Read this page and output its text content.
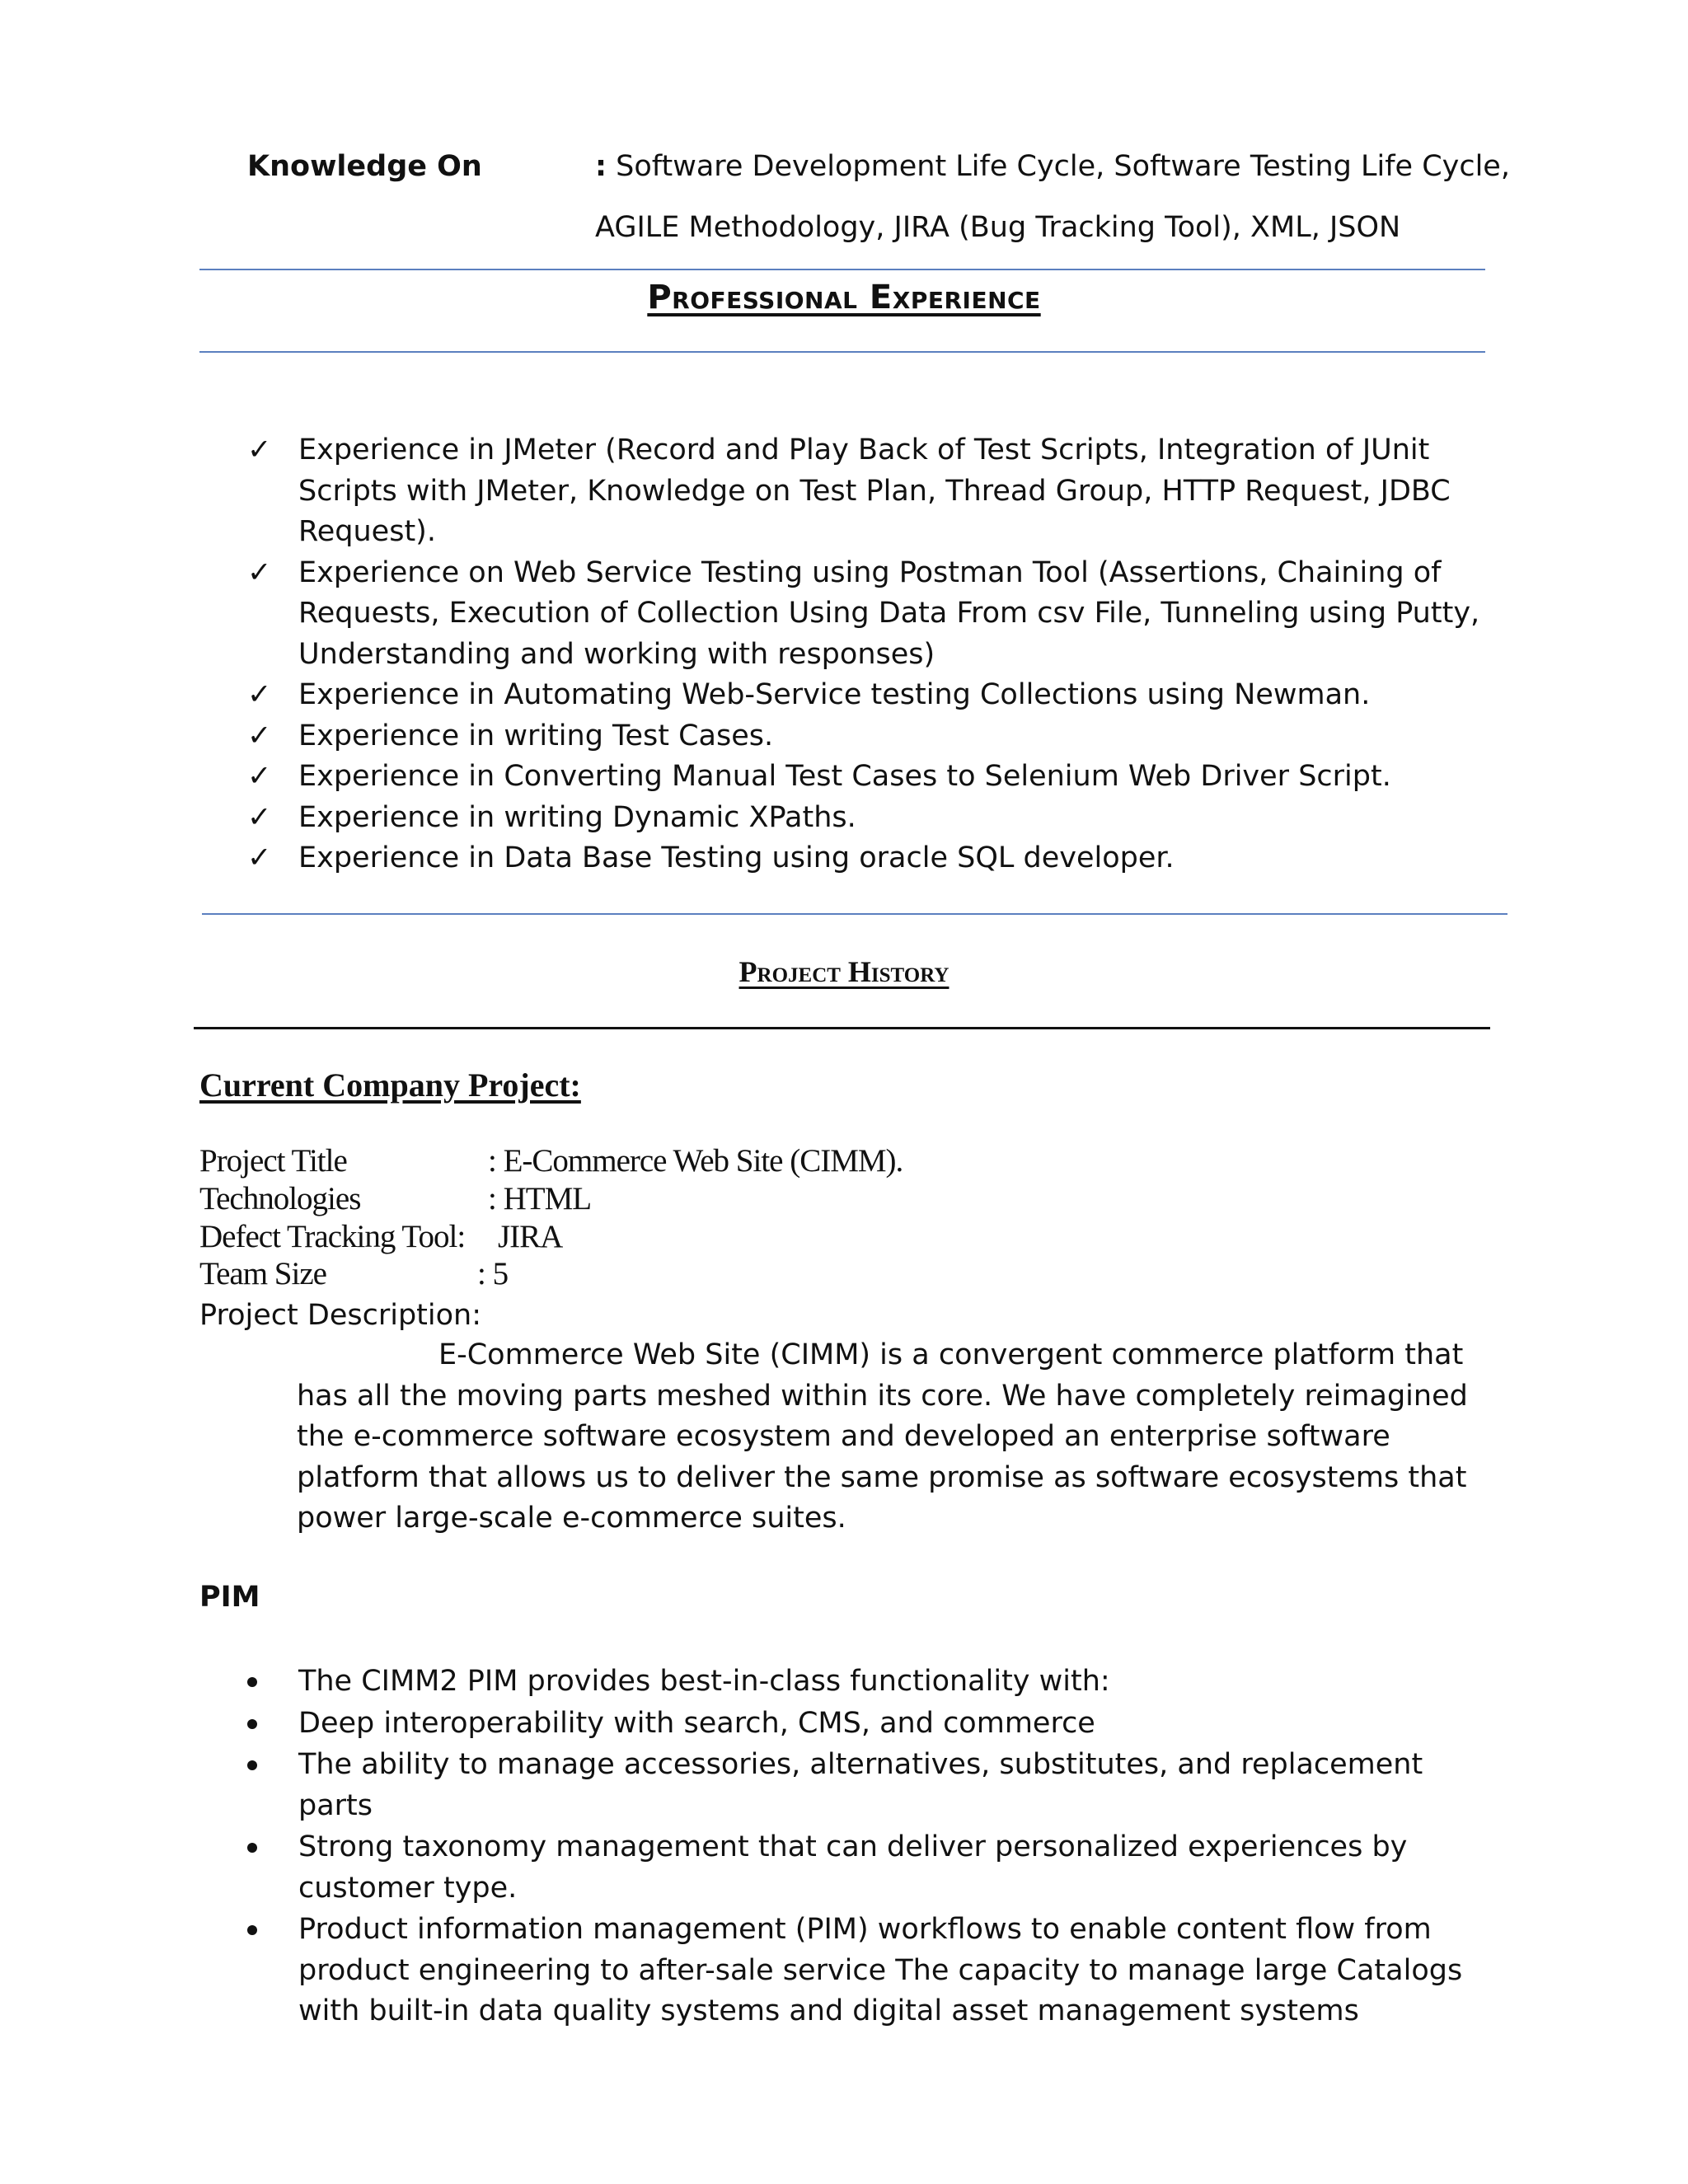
Knowledge On	: Software Development Life Cycle, Software Testing Life Cycle,
AGILE Methodology, JIRA (Bug Tracking Tool), XML, JSON
Professional Experience
✓ Experience in JMeter (Record and Play Back of Test Scripts, Integration of JUnit Scripts with JMeter, Knowledge on Test Plan, Thread Group, HTTP Request, JDBC Request).
✓ Experience on Web Service Testing using Postman Tool (Assertions, Chaining of Requests, Execution of Collection Using Data From csv File, Tunneling using Putty, Understanding and working with responses)
✓ Experience in Automating Web-Service testing Collections using Newman.
✓ Experience in writing Test Cases.
✓ Experience in Converting Manual Test Cases to Selenium Web Driver Script.
✓ Experience in writing Dynamic XPaths.
✓ Experience in Data Base Testing using oracle SQL developer.
Project History
Current Company Project:
Project Title	: E-Commerce Web Site (CIMM).
Technologies	: HTML
Defect Tracking Tool: JIRA
Team Size	: 5
Project Description:
E-Commerce Web Site (CIMM) is a convergent commerce platform that has all the moving parts meshed within its core. We have completely reimagined the e-commerce software ecosystem and developed an enterprise software platform that allows us to deliver the same promise as software ecosystems that power large-scale e-commerce suites.
PIM
The CIMM2 PIM provides best-in-class functionality with:
Deep interoperability with search, CMS, and commerce
The ability to manage accessories, alternatives, substitutes, and replacement parts
Strong taxonomy management that can deliver personalized experiences by customer type.
Product information management (PIM) workflows to enable content flow from product engineering to after-sale service The capacity to manage large Catalogs with built-in data quality systems and digital asset management systems
